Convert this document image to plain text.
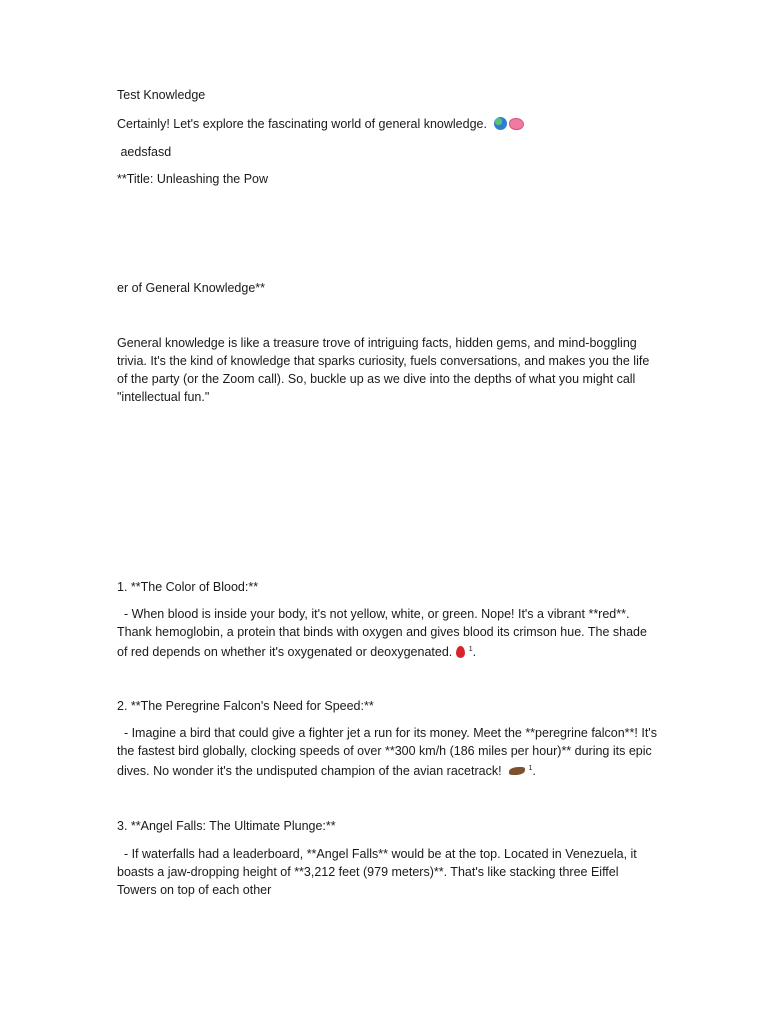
Test Knowledge

Certainly! Let's explore the fascinating world of general knowledge.

aedsfasd

**Title: Unleashing the Pow

er of General Knowledge**

General knowledge is like a treasure trove of intriguing facts, hidden gems, and mind-boggling trivia. It's the kind of knowledge that sparks curiosity, fuels conversations, and makes you the life of the party (or the Zoom call). So, buckle up as we dive into the depths of what you might call "intellectual fun."

1. **The Color of Blood:**

- When blood is inside your body, it's not yellow, white, or green. Nope! It's a vibrant **red**. Thank hemoglobin, a protein that binds with oxygen and gives blood its crimson hue. The shade of red depends on whether it's oxygenated or deoxygenated. $^1$.

2. **The Peregrine Falcon's Need for Speed:**

- Imagine a bird that could give a fighter jet a run for its money. Meet the **peregrine falcon**! It's the fastest bird globally, clocking speeds of over **300 km/h (186 miles per hour)** during its epic dives. No wonder it's the undisputed champion of the avian racetrack!	$^1$.

3. **Angel Falls: The Ultimate Plunge:**

- If waterfalls had a leaderboard, **Angel Falls** would be at the top. Located in Venezuela, it boasts a jaw-dropping height of **3,212 feet (979 meters)**. That's like stacking three Eiffel Towers on top of each other
